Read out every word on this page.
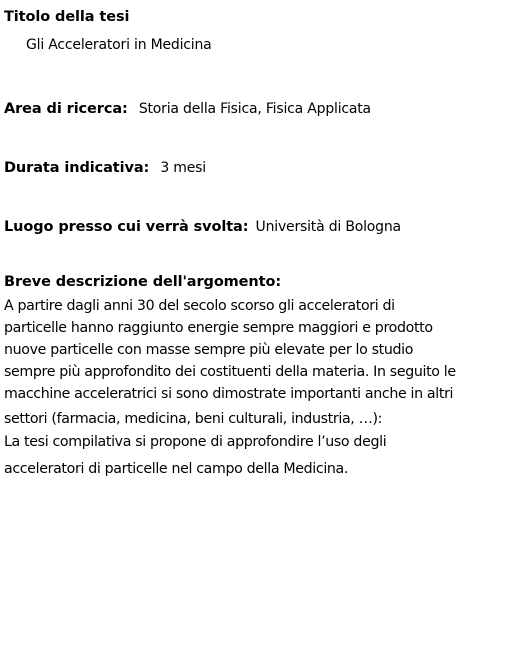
Titolo della tesi
Gli Acceleratori in Medicina
Area di ricerca: Storia della Fisica, Fisica Applicata
Durata indicativa: 3 mesi
Luogo presso cui verrà svolta: Università di Bologna
Breve descrizione dell'argomento:
A partire dagli anni 30 del secolo scorso gli acceleratori di
particelle hanno raggiunto energie sempre maggiori e prodotto
nuove particelle con masse sempre più elevate per lo studio
sempre più approfondito dei costituenti della materia. In seguito le
macchine acceleratrici si sono dimostrate importanti anche in altri
settori (farmacia, medicina, beni culturali, industria, …):
La tesi compilativa si propone di approfondire l’uso degli
acceleratori di particelle nel campo della Medicina.
